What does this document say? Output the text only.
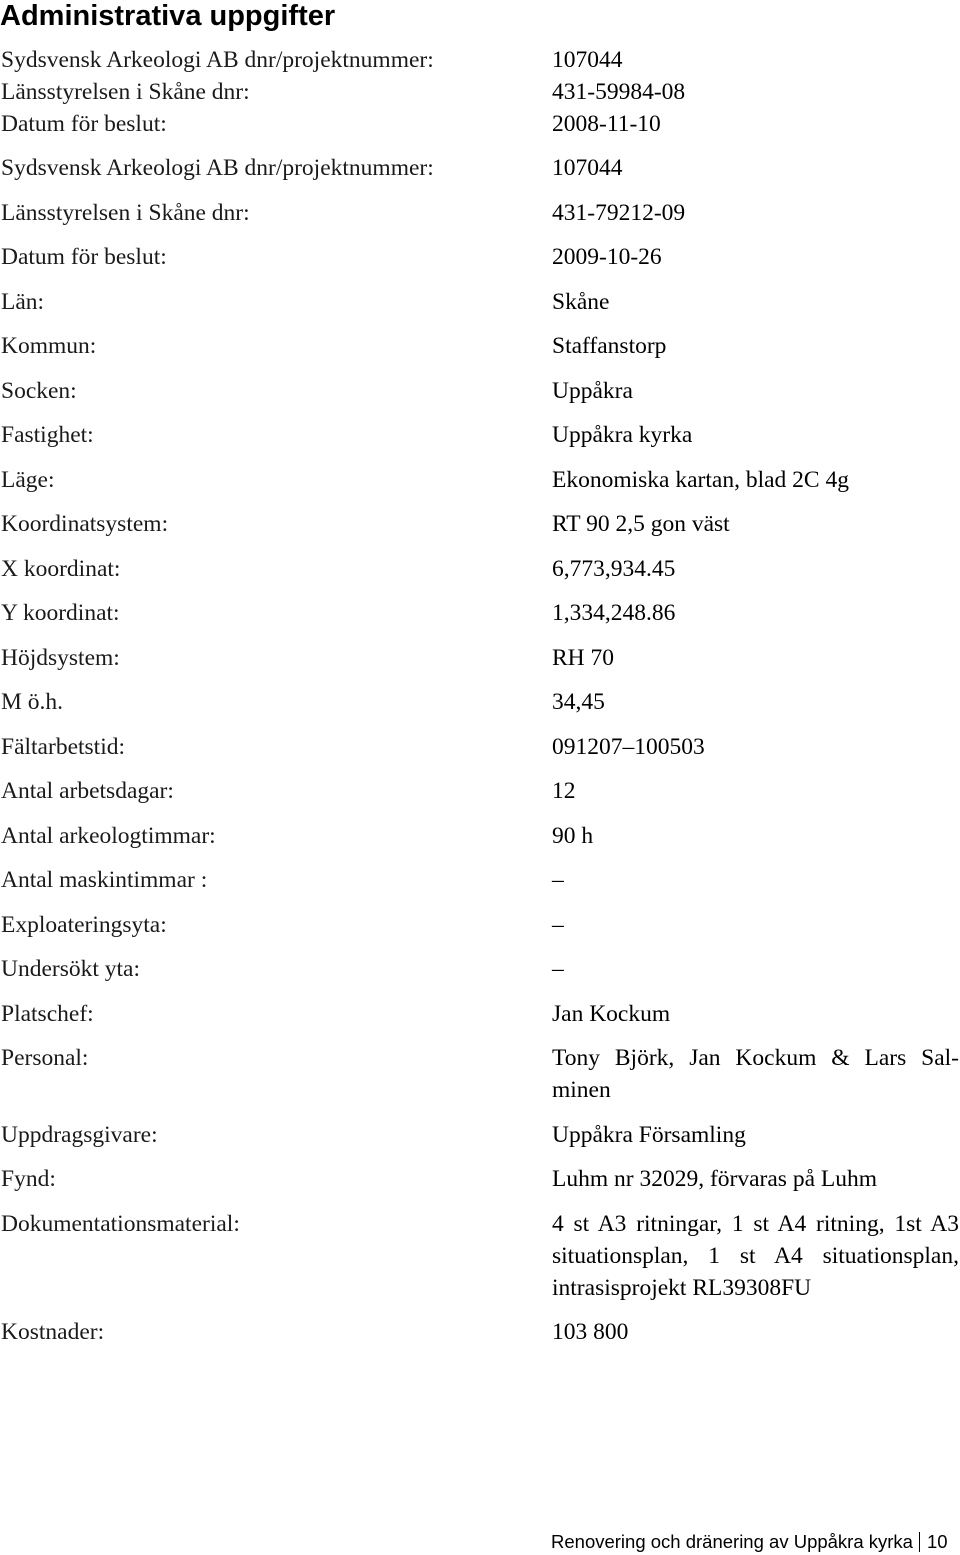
Administrativa uppgifter
Sydsvensk Arkeologi AB dnr/projektnummer:	107044
Länsstyrelsen i Skåne dnr:	431-59984-08
Datum för beslut:	2008-11-10
Sydsvensk Arkeologi AB dnr/projektnummer:	107044
Länsstyrelsen i Skåne dnr:	431-79212-09
Datum för beslut:	2009-10-26
Län:	Skåne
Kommun:	Staffanstorp
Socken:	Uppåkra
Fastighet:	Uppåkra kyrka
Läge:	Ekonomiska kartan, blad 2C 4g
Koordinatsystem:	RT 90 2,5 gon väst
X koordinat:	6,773,934.45
Y koordinat:	1,334,248.86
Höjdsystem:	RH 70
M ö.h.	34,45
Fältarbetstid:	091207–100503
Antal arbetsdagar:	12
Antal arkeologtimmar:	90 h
Antal maskintimmar :	–
Exploateringsyta:	–
Undersökt yta:	–
Platschef:	Jan Kockum
Personal:	Tony Björk, Jan Kockum & Lars Sal-minen
Uppdragsgivare:	Uppåkra Församling
Fynd:	Luhm nr 32029, förvaras på Luhm
Dokumentationsmaterial:	4 st A3 ritningar, 1 st A4 ritning, 1st A3 situationsplan, 1 st A4 situationsplan, intrasisprojekt RL39308FU
Kostnader:	103 800
Renovering och dränering av Uppåkra kyrka 10
